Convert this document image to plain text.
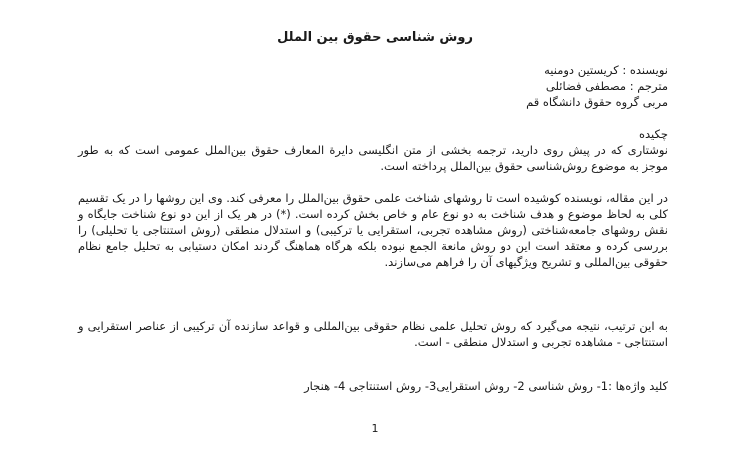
روش شناسی حقوق بین الملل
نویسنده : کریستین دومنیه
مترجم : مصطفی فضائلی
مربی گروه حقوق دانشگاه قم
چکیده

نوشتاری که در پیش روی دارید، ترجمه بخشی از متن انگلیسی دایرة المعارف حقوق بین‌الملل عمومی است که به طور موجز به موضوع روش‌شناسی حقوق بین‌الملل پرداخته است.

در این مقاله، نویسنده کوشیده است تا روشهای شناخت علمی حقوق بین‌الملل را معرفی کند. وی این روشها را در یک تقسیم کلی به لحاظ موضوع و هدف شناخت به دو نوع عام و خاص بخش کرده است. (*) در هر یک از این دو نوع شناخت جایگاه و نقش روشهای جامعه‌شناختی (روش مشاهده تجربی، استقرایی یا ترکیبی) و استدلال منطقی (روش استنتاجی یا تحلیلی) را بررسی کرده و معتقد است این دو روش مانعة الجمع نبوده بلکه هرگاه هماهنگ گردند امکان دستیابی به تحلیل جامع نظام حقوقی بین‌المللی و تشریح ویژگیهای آن را فراهم می‌سازند.

به این ترتیب، نتیجه می‌گیرد که روش تحلیل علمی نظام حقوقی بین‌المللی و قواعد سازنده آن ترکیبی از عناصر استقرایی و استنتاجی - مشاهده تجربی و استدلال منطقی - است.

کلید واژه‌ها :1- روش شناسی 2- روش استقرایی3- روش استنتاجی 4- هنجار

1
